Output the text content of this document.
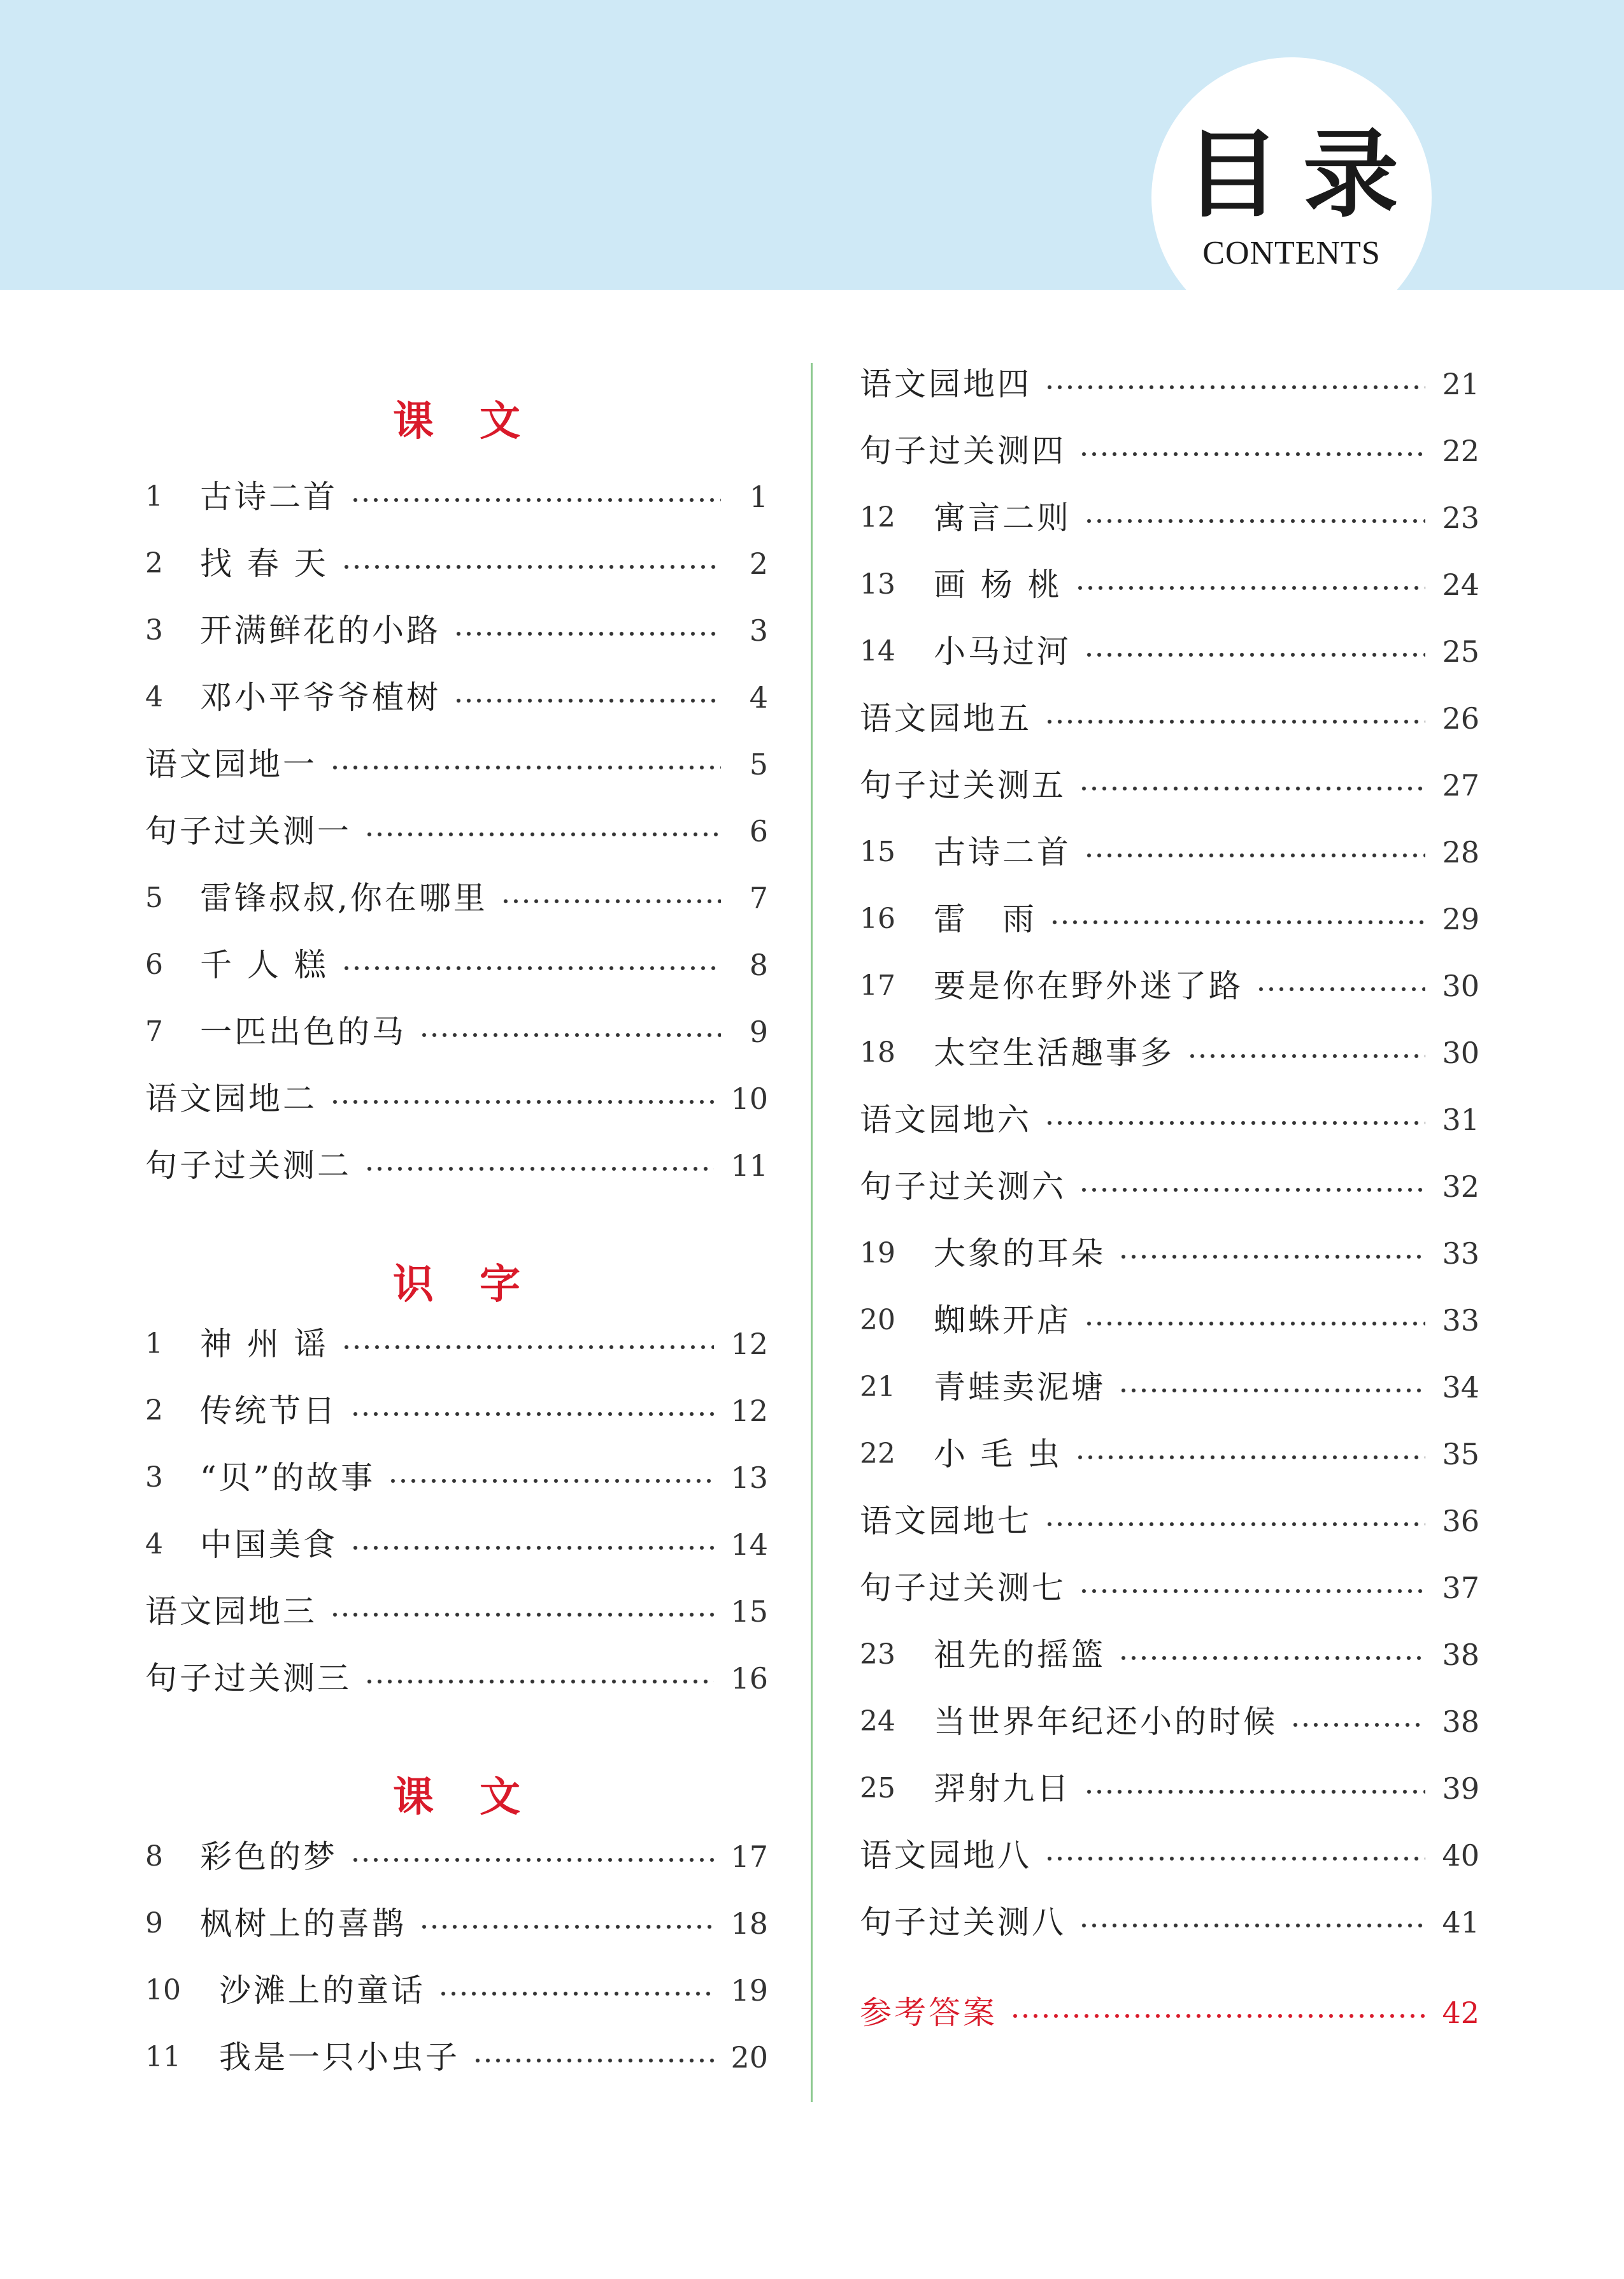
目录
CONTENTS
课文
1	古诗二首	1
2	找 春 天	2
3	开满鲜花的小路	3
4	邓小平爷爷植树	4
语文园地一	5
句子过关测一	6
5	雷锋叔叔,你在哪里	7
6	千 人 糕	8
7	一匹出色的马	9
语文园地二	10
句子过关测二	11
识字
1	神 州 谣	12
2	传统节日	12
3	“贝”的故事	13
4	中国美食	14
语文园地三	15
句子过关测三	16
课文
8	彩色的梦	17
9	枫树上的喜鹊	18
10	沙滩上的童话	19
11	我是一只小虫子	20
语文园地四	21
句子过关测四	22
12	寓言二则	23
13	画 杨 桃	24
14	小马过河	25
语文园地五	26
句子过关测五	27
15	古诗二首	28
16	雷　雨	29
17	要是你在野外迷了路	30
18	太空生活趣事多	30
语文园地六	31
句子过关测六	32
19	大象的耳朵	33
20	蜘蛛开店	33
21	青蛙卖泥塘	34
22	小 毛 虫	35
语文园地七	36
句子过关测七	37
23	祖先的摇篮	38
24	当世界年纪还小的时候	38
25	羿射九日	39
语文园地八	40
句子过关测八	41
参考答案	42
